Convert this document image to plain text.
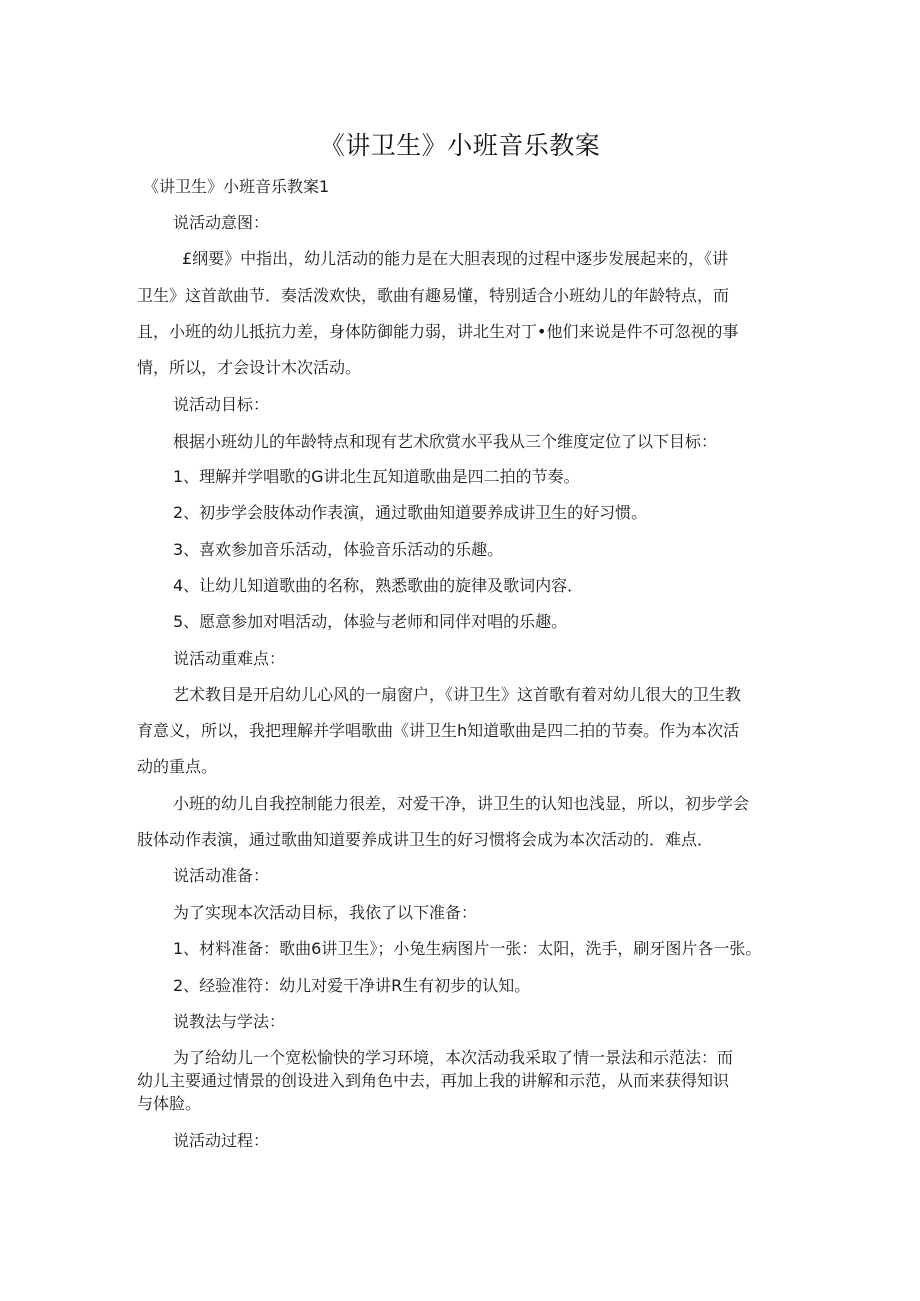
《讲卫生》小班音乐教案
《讲卫生》小班音乐教案1
说活动意图：
£纲要》中指出，幼儿活动的能力是在大胆表现的过程中逐步发展起来的，《讲
卫生》这首歆曲节．奏活泼欢快，歌曲有趣易懂，特别适合小班幼儿的年龄特点，而
且，小班的幼儿抵抗力差，身体防御能力弱，讲北生对丁•他们来说是件不可忽视的事
情，所以，才会设计木次活动。
说活动目标：
根据小班幼儿的年龄特点和现有艺术欣赏水平我从三个维度定位了以下目标：
1、理解并学唱歌的G讲北生瓦知道歌曲是四二拍的节奏。
2、初步学会肢体动作表演，通过歌曲知道要养成讲卫生的好习惯。
3、喜欢参加音乐活动，体验音乐活动的乐趣。
4、让幼儿知道歌曲的名称，熟悉歌曲的旋律及歌词内容．
5、愿意参加对唱活动，体验与老师和同伴对唱的乐趣。
说活动重难点：
艺术教目是开启幼儿心风的一扇窗户，《讲卫生》这首歌有着对幼儿很大的卫生教
育意义，所以，我把理解并学唱歌曲《讲卫生h知道歌曲是四二拍的节奏。作为本次活
动的重点。
小班的幼儿自我控制能力很差，对爱干净，讲卫生的认知也浅显，所以，初步学会
肢体动作表演，通过歌曲知道要养成讲卫生的好习惯将会成为本次活动的．难点．
说活动准备：
为了实现本次活动目标，我依了以下准备：
1、材料准备：歌曲6讲卫生》；小兔生病图片一张：太阳，洗手，刷牙图片各一张。
2、经验准符：幼儿对爱干净讲R生有初步的认知。
说教法与学法：
为了给幼儿一个宽松愉快的学习环境，本次活动我采取了情一景法和示范法：而
幼儿主要通过情景的创设进入到角色中去，再加上我的讲解和示范，从而来获得知识
与体脸。
说活动过程：
